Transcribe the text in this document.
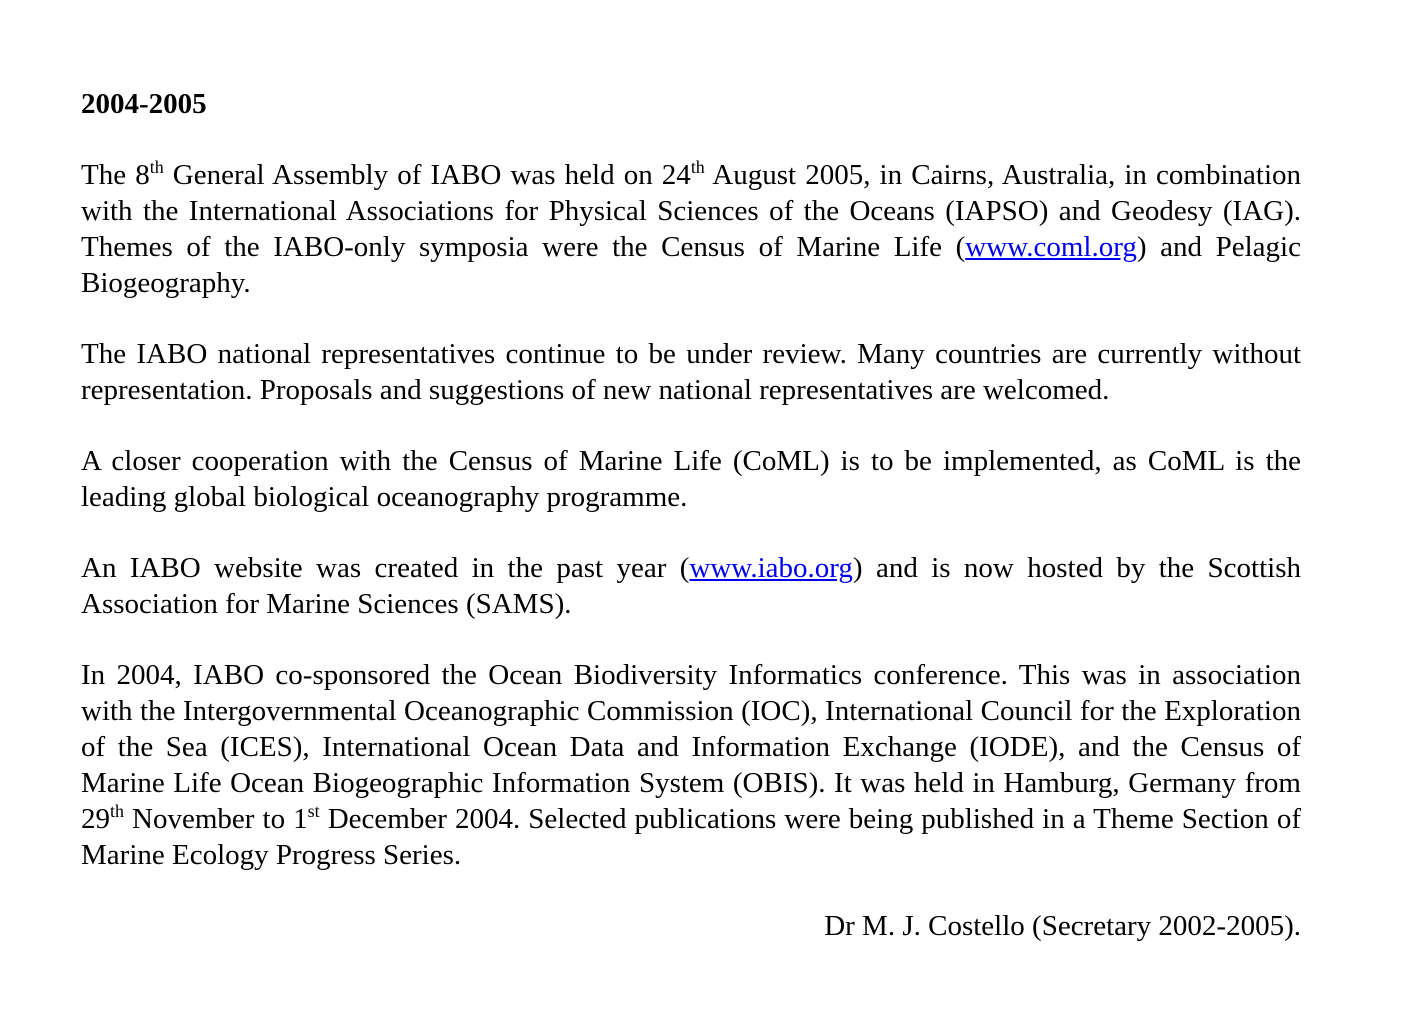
2004-2005

The 8th General Assembly of IABO was held on 24th August 2005, in Cairns, Australia, in combination with the International Associations for Physical Sciences of the Oceans (IAPSO) and Geodesy (IAG). Themes of the IABO-only symposia were the Census of Marine Life (www.coml.org) and Pelagic Biogeography.

The IABO national representatives continue to be under review. Many countries are currently without representation. Proposals and suggestions of new national representatives are welcomed.

A closer cooperation with the Census of Marine Life (CoML) is to be implemented, as CoML is the leading global biological oceanography programme.

An IABO website was created in the past year (www.iabo.org) and is now hosted by the Scottish Association for Marine Sciences (SAMS).

In 2004, IABO co-sponsored the Ocean Biodiversity Informatics conference. This was in association with the Intergovernmental Oceanographic Commission (IOC), International Council for the Exploration of the Sea (ICES), International Ocean Data and Information Exchange (IODE), and the Census of Marine Life Ocean Biogeographic Information System (OBIS). It was held in Hamburg, Germany from 29th November to 1st December 2004. Selected publications were being published in a Theme Section of Marine Ecology Progress Series.

Dr M. J. Costello (Secretary 2002-2005).
